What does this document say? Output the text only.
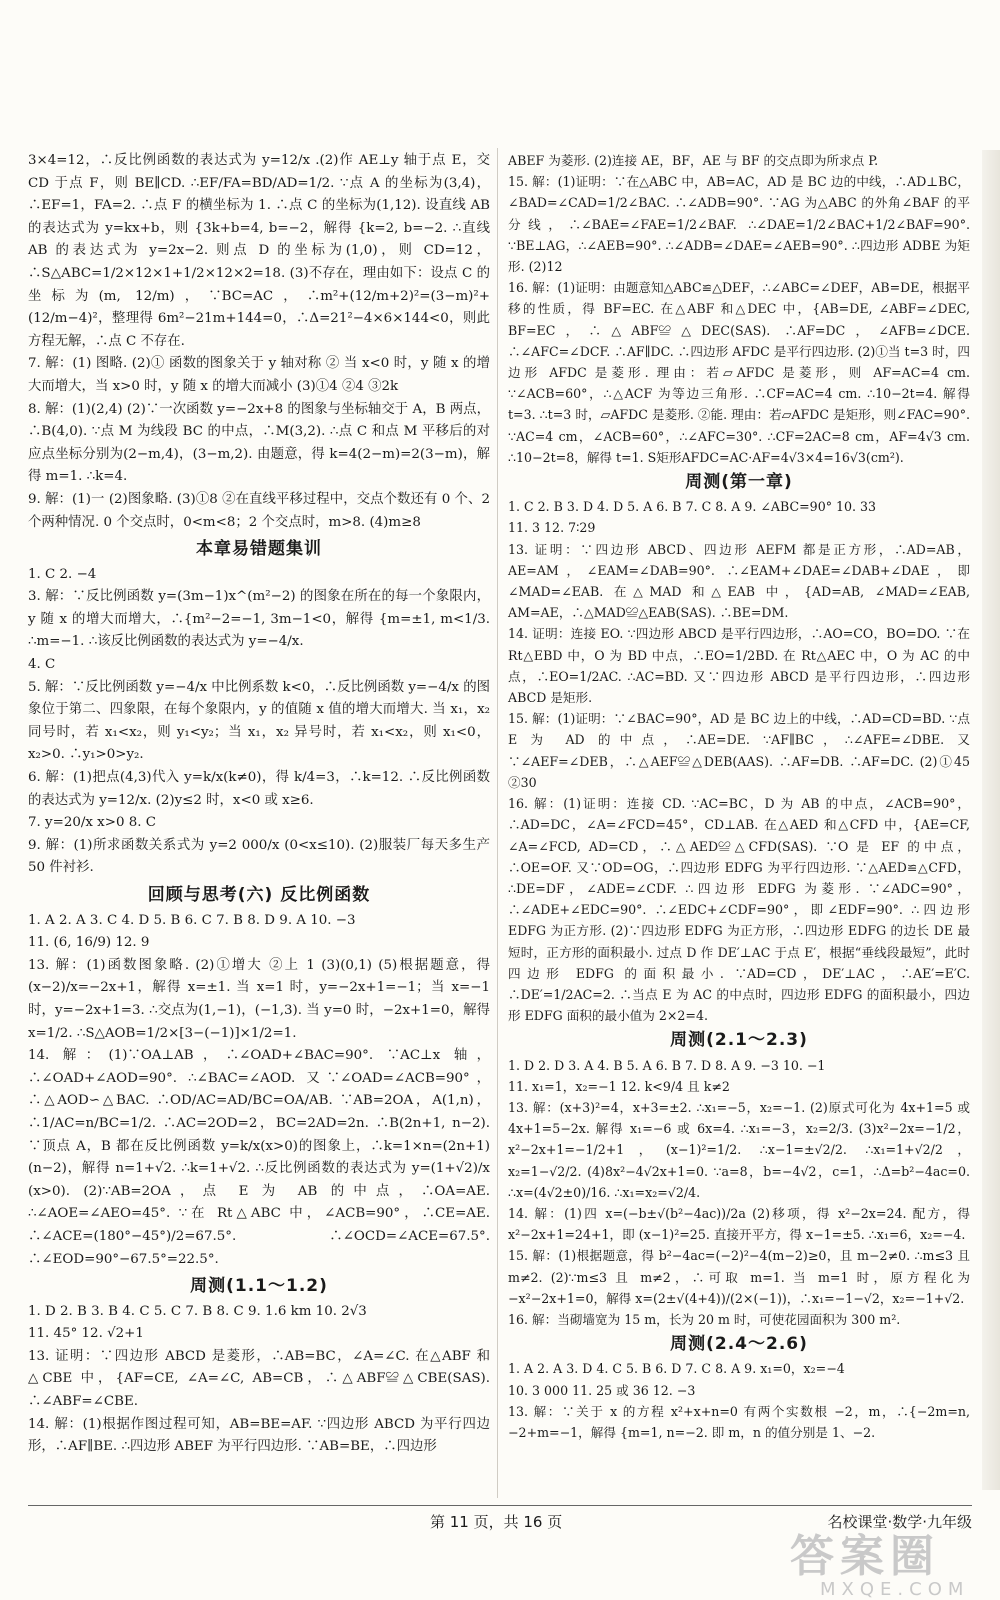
3×4=12，∴反比例函数的表达式为 y=12/x .(2)作 AE⊥y 轴于点 E，交 CD 于点 F，则 BE∥CD. ∴EF/FA=BD/AD=1/2. ∵点 A 的坐标为(3,4)，∴EF=1，FA=2. ∴点 F 的横坐标为 1. ∴点 C 的坐标为(1,12). 设直线 AB 的表达式为 y=kx+b，则 {3k+b=4, b=−2，解得 {k=2, b=−2. ∴直线 AB 的表达式为 y=2x−2. 则点 D 的坐标为(1,0)，则 CD=12，∴S△ABC=1/2×12×1+1/2×12×2=18. (3)不存在，理由如下：设点 C 的坐标为(m, 12/m)，∵BC=AC，∴m²+(12/m+2)²=(3−m)²+(12/m−4)²，整理得 6m²−21m+144=0，∴Δ=21²−4×6×144<0，则此方程无解，∴点 C 不存在.

7. 解：(1) 图略. (2)① 函数的图象关于 y 轴对称 ② 当 x<0 时，y 随 x 的增大而增大，当 x>0 时，y 随 x 的增大而减小 (3)①4 ②4 ③2k

8. 解：(1)(2,4) (2)∵一次函数 y=−2x+8 的图象与坐标轴交于 A，B 两点，∴B(4,0). ∵点 M 为线段 BC 的中点，∴M(3,2). ∴点 C 和点 M 平移后的对应点坐标分别为(2−m,4)，(3−m,2). 由题意，得 k=4(2−m)=2(3−m)，解得 m=1. ∴k=4.

9. 解：(1)一 (2)图象略. (3)①8 ②在直线平移过程中，交点个数还有 0 个、2 个两种情况. 0 个交点时，0<m<8；2 个交点时，m>8. (4)m≥8

本章易错题集训

1. C 2. −4

3. 解：∵反比例函数 y=(3m−1)x^(m²−2) 的图象在所在的每一个象限内，y 随 x 的增大而增大，∴{m²−2=−1, 3m−1<0，解得 {m=±1, m<1/3. ∴m=−1. ∴该反比例函数的表达式为 y=−4/x.

4. C

5. 解：∵反比例函数 y=−4/x 中比例系数 k<0，∴反比例函数 y=−4/x 的图象位于第二、四象限，在每个象限内，y 的值随 x 值的增大而增大. 当 x₁，x₂ 同号时，若 x₁<x₂，则 y₁<y₂；当 x₁，x₂ 异号时，若 x₁<x₂，则 x₁<0，x₂>0. ∴y₁>0>y₂.

6. 解：(1)把点(4,3)代入 y=k/x(k≠0)，得 k/4=3，∴k=12. ∴反比例函数的表达式为 y=12/x. (2)y≤2 时，x<0 或 x≥6.

7. y=20/x x>0 8. C

9. 解：(1)所求函数关系式为 y=2 000/x (0<x≤10). (2)服装厂每天多生产 50 件衬衫.

回顾与思考(六) 反比例函数

1. A 2. A 3. C 4. D 5. B 6. C 7. B 8. D 9. A 10. −3

11. (6, 16/9) 12. 9

13. 解：(1)函数图象略. (2)①增大 ②上 1 (3)(0,1) (5)根据题意，得 (x−2)/x=−2x+1，解得 x=±1. 当 x=1 时，y=−2x+1=−1；当 x=−1 时，y=−2x+1=3. ∴交点为(1,−1)，(−1,3). 当 y=0 时，−2x+1=0，解得 x=1/2. ∴S△AOB=1/2×[3−(−1)]×1/2=1.

14. 解：(1)∵OA⊥AB，∴∠OAD+∠BAC=90°. ∵AC⊥x 轴，∴∠OAD+∠AOD=90°. ∴∠BAC=∠AOD. 又∵∠OAD=∠ACB=90°，∴△AOD∽△BAC. ∴OD/AC=AD/BC=OA/AB. ∵AB=2OA，A(1,n)，∴1/AC=n/BC=1/2. ∴AC=2OD=2，BC=2AD=2n. ∴B(2n+1, n−2). ∵顶点 A，B 都在反比例函数 y=k/x(x>0)的图象上，∴k=1×n=(2n+1)(n−2)，解得 n=1+√2. ∴k=1+√2. ∴反比例函数的表达式为 y=(1+√2)/x (x>0). (2)∵AB=2OA，点 E 为 AB 的中点，∴OA=AE. ∴∠AOE=∠AEO=45°. ∵在 Rt△ABC 中，∠ACB=90°，∴CE=AE. ∴∠ACE=(180°−45°)/2=67.5°. ∴∠OCD=∠ACE=67.5°. ∴∠EOD=90°−67.5°=22.5°.

周测(1.1～1.2)

1. D 2. B 3. B 4. C 5. C 7. B 8. C 9. 1.6 km 10. 2√3

11. 45° 12. √2+1

13. 证明：∵四边形 ABCD 是菱形，∴AB=BC，∠A=∠C. 在△ABF 和△CBE 中，{AF=CE, ∠A=∠C, AB=CB，∴△ABF≌△CBE(SAS). ∴∠ABF=∠CBE.

14. 解：(1)根据作图过程可知，AB=BE=AF. ∵四边形 ABCD 为平行四边形，∴AF∥BE. ∴四边形 ABEF 为平行四边形. ∵AB=BE，∴四边形

ABEF 为菱形. (2)连接 AE，BF，AE 与 BF 的交点即为所求点 P.

15. 解：(1)证明：∵在△ABC 中，AB=AC，AD 是 BC 边的中线，∴AD⊥BC，∠BAD=∠CAD=1/2∠BAC. ∴∠ADB=90°. ∵AG 为△ABC 的外角∠BAF 的平分线，∴∠BAE=∠FAE=1/2∠BAF. ∴∠DAE=1/2∠BAC+1/2∠BAF=90°. ∵BE⊥AG，∴∠AEB=90°. ∴∠ADB=∠DAE=∠AEB=90°. ∴四边形 ADBE 为矩形. (2)12

16. 解：(1)证明：由题意知△ABC≌△DEF，∴∠ABC=∠DEF，AB=DE，根据平移的性质，得 BF=EC. 在△ABF 和△DEC 中，{AB=DE, ∠ABF=∠DEC, BF=EC，∴△ABF≌△DEC(SAS). ∴AF=DC，∠AFB=∠DCE. ∴∠AFC=∠DCF. ∴AF∥DC. ∴四边形 AFDC 是平行四边形. (2)①当 t=3 时，四边形 AFDC 是菱形. 理由：若▱AFDC 是菱形，则 AF=AC=4 cm. ∵∠ACB=60°，∴△ACF 为等边三角形. ∴CF=AC=4 cm. ∴10−2t=4. 解得 t=3. ∴t=3 时，▱AFDC 是菱形. ②能. 理由：若▱AFDC 是矩形，则∠FAC=90°. ∵AC=4 cm，∠ACB=60°，∴∠AFC=30°. ∴CF=2AC=8 cm，AF=4√3 cm. ∴10−2t=8，解得 t=1. S矩形AFDC=AC·AF=4√3×4=16√3(cm²).

周测(第一章)

1. C 2. B 3. D 4. D 5. A 6. B 7. C 8. A 9. ∠ABC=90° 10. 33

11. 3 12. 7∶29

13. 证明：∵四边形 ABCD、四边形 AEFM 都是正方形，∴AD=AB，AE=AM，∠EAM=∠DAB=90°. ∴∠EAM+∠DAE=∠DAB+∠DAE，即∠MAD=∠EAB. 在△MAD 和△EAB 中，{AD=AB, ∠MAD=∠EAB, AM=AE，∴△MAD≌△EAB(SAS). ∴BE=DM.

14. 证明：连接 EO. ∵四边形 ABCD 是平行四边形，∴AO=CO，BO=DO. ∵在 Rt△EBD 中，O 为 BD 中点，∴EO=1/2BD. 在 Rt△AEC 中，O 为 AC 的中点，∴EO=1/2AC. ∴AC=BD. 又∵四边形 ABCD 是平行四边形，∴四边形 ABCD 是矩形.

15. 解：(1)证明：∵∠BAC=90°，AD 是 BC 边上的中线，∴AD=CD=BD. ∵点 E 为 AD 的中点，∴AE=DE. ∵AF∥BC，∴∠AFE=∠DBE. 又∵∠AEF=∠DEB，∴△AEF≌△DEB(AAS). ∴AF=DB. ∴AF=DC. (2)①45 ②30

16. 解：(1)证明：连接 CD. ∵AC=BC，D 为 AB 的中点，∠ACB=90°，∴AD=DC，∠A=∠FCD=45°，CD⊥AB. 在△AED 和△CFD 中，{AE=CF, ∠A=∠FCD, AD=CD，∴△AED≌△CFD(SAS). ∵O 是 EF 的中点，∴OE=OF. 又∵OD=OG，∴四边形 EDFG 为平行四边形. ∵△AED≌△CFD，∴DE=DF，∠ADE=∠CDF. ∴四边形 EDFG 为菱形. ∵∠ADC=90°，∴∠ADE+∠EDC=90°. ∴∠EDC+∠CDF=90°，即∠EDF=90°. ∴四边形 EDFG 为正方形. (2)∵四边形 EDFG 为正方形，∴四边形 EDFG 的边长 DE 最短时，正方形的面积最小. 过点 D 作 DE′⊥AC 于点 E′，根据“垂线段最短”，此时四边形 EDFG 的面积最小. ∵AD=CD，DE′⊥AC，∴AE′=E′C. ∴DE′=1/2AC=2. ∴当点 E 为 AC 的中点时，四边形 EDFG 的面积最小，四边形 EDFG 面积的最小值为 2×2=4.

周测(2.1～2.3)

1. D 2. D 3. A 4. B 5. A 6. B 7. D 8. A 9. −3 10. −1

11. x₁=1，x₂=−1 12. k<9/4 且 k≠2

13. 解：(x+3)²=4，x+3=±2. ∴x₁=−5，x₂=−1. (2)原式可化为 4x+1=5 或 4x+1=5−2x. 解得 x₁=−6 或 6x=4. ∴x₁=−3，x₂=2/3. (3)x²−2x=−1/2，x²−2x+1=−1/2+1，(x−1)²=1/2. ∴x−1=±√2/2. ∴x₁=1+√2/2，x₂=1−√2/2. (4)8x²−4√2x+1=0. ∵a=8，b=−4√2，c=1，∴Δ=b²−4ac=0. ∴x=(4√2±0)/16. ∴x₁=x₂=√2/4.

14. 解：(1)四 x=(−b±√(b²−4ac))/2a (2)移项，得 x²−2x=24. 配方，得 x²−2x+1=24+1，即 (x−1)²=25. 直接开平方，得 x−1=±5. ∴x₁=6，x₂=−4.

15. 解：(1)根据题意，得 b²−4ac=(−2)²−4(m−2)≥0，且 m−2≠0. ∴m≤3 且 m≠2. (2)∵m≤3 且 m≠2，∴可取 m=1. 当 m=1 时，原方程化为 −x²−2x+1=0，解得 x=(2±√(4+4))/(2×(−1))，∴x₁=−1−√2，x₂=−1+√2.

16. 解：当砌墙宽为 15 m，长为 20 m 时，可使花园面积为 300 m².

周测(2.4～2.6)

1. A 2. A 3. D 4. C 5. B 6. D 7. C 8. A 9. x₁=0，x₂=−4

10. 3 000 11. 25 或 36 12. −3

13. 解：∵关于 x 的方程 x²+x+n=0 有两个实数根 −2，m，∴{−2m=n, −2+m=−1，解得 {m=1, n=−2. 即 m，n 的值分别是 1、−2.

第 11 页，共 16 页	名校课堂·数学·九年级
答案圈
MXQE.COM
